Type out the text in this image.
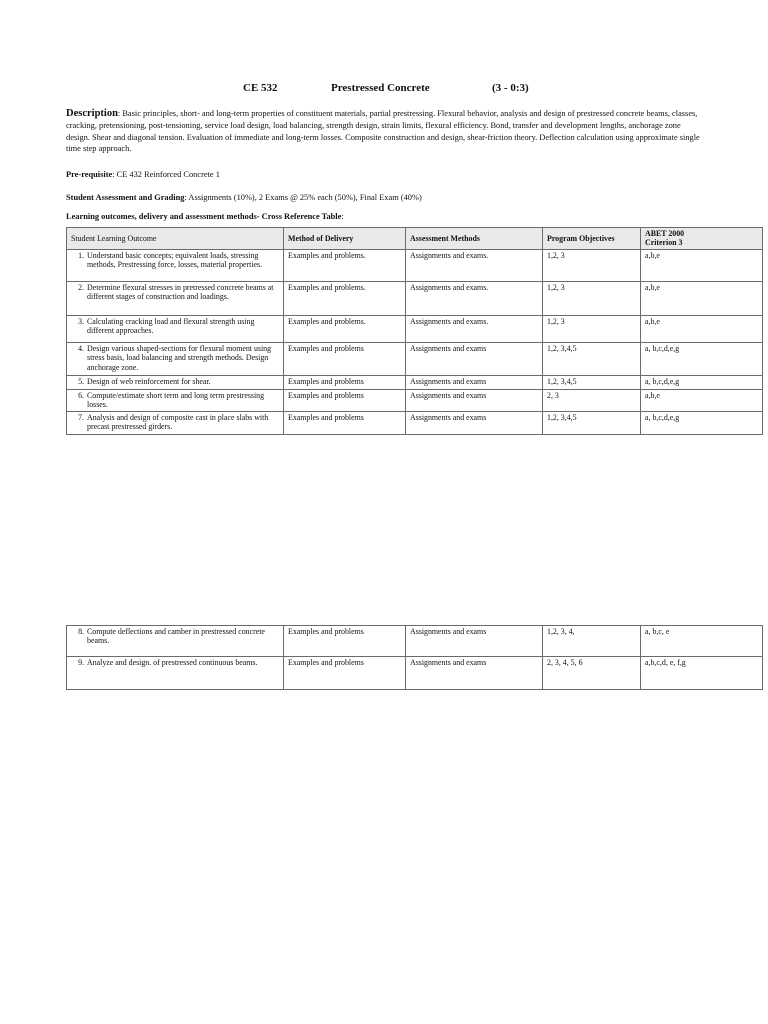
CE 532	Prestressed Concrete	(3 - 0:3)
Description: Basic principles, short- and long-term properties of constituent materials, partial prestressing. Flexural behavior, analysis and design of prestressed concrete beams, classes, cracking, pretensioning, post-tensioning, service load design, load balancing, strength design, strain limits, flexural efficiency. Bond, transfer and development lengths, anchorage zone design. Shear and diagonal tension. Evaluation of immediate and long-term losses. Composite construction and design, shear-friction theory. Deflection calculation using approximate single time step approach.
Pre-requisite: CE 432 Reinforced Concrete 1
Student Assessment and Grading: Assignments (10%), 2 Exams @ 25% each (50%), Final Exam (40%)
Learning outcomes, delivery and assessment methods- Cross Reference Table:
Student Learning Outcome	Method of Delivery	Assessment Methods	Program Objectives	ABET 2000
Criterion 3

1. Understand basic concepts; equivalent loads, stressing methods, Prestressing force, losses, material properties.	Examples and problems.	Assignments and exams.	1,2, 3	a,b,e

2. Determine flexural stresses in pretressed concrete beams at different stages of construction and loadings.	Examples and problems.	Assignments and exams.	1,2, 3	a,b,e

3. Calculating cracking load and flexural strength using different approaches.	Examples and problems.	Assignments and exams.	1,2, 3	a,b,e

4. Design various shaped-sections for flexural moment using stress basis, load balancing and strength methods. Design anchorage zone.	Examples and problems	Assignments and exams	1,2, 3,4,5	a, b,c,d,e,g

5. Design of web reinforcement for shear.	Examples and problems	Assignments and exams	1,2, 3,4,5	a, b,c,d,e,g

6. Compute/estimate short term and long term prestressing losses.	Examples and problems	Assignments and exams	2, 3	a,b,e

7. Analysis and design of composite cast in place slabs with precast prestressed girders.	Examples and problems	Assignments and exams	1,2, 3,4,5	a, b,c,d,e,g
8. Compute deflections and camber in prestressed concrete beams.	Examples and problems	Assignments and exams	1,2, 3, 4,	a, b,c, e

9. Analyze and design. of prestressed continuous beams.	Examples and problems	Assignments and exams	2, 3, 4, 5, 6	a,b,c,d, e, f,g
